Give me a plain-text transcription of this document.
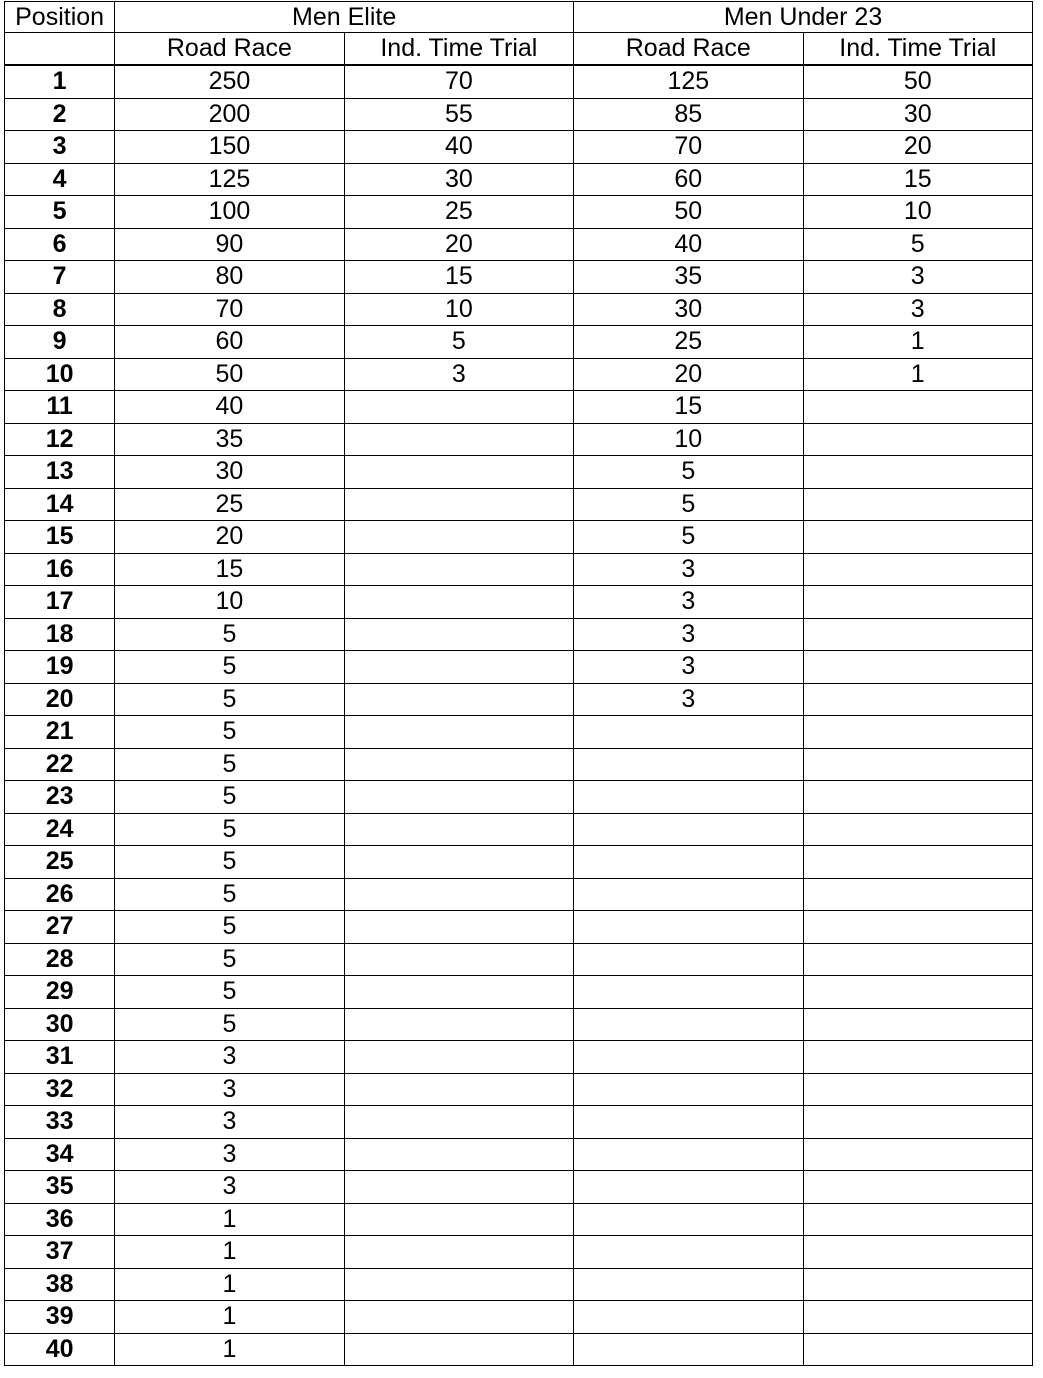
Position	Men Elite		Men Under 23	
	Road Race	Ind. Time Trial	Road Race	Ind. Time Trial
1	250	70	125	50
2	200	55	85	30
3	150	40	70	20
4	125	30	60	15
5	100	25	50	10
6	90	20	40	5
7	80	15	35	3
8	70	10	30	3
9	60	5	25	1
10	50	3	20	1
11	40		15	
12	35		10	
13	30		5	
14	25		5	
15	20		5	
16	15		3	
17	10		3	
18	5		3	
19	5		3	
20	5		3	
21	5			
22	5			
23	5			
24	5			
25	5			
26	5			
27	5			
28	5			
29	5			
30	5			
31	3			
32	3			
33	3			
34	3			
35	3			
36	1			
37	1			
38	1			
39	1			
40	1			
